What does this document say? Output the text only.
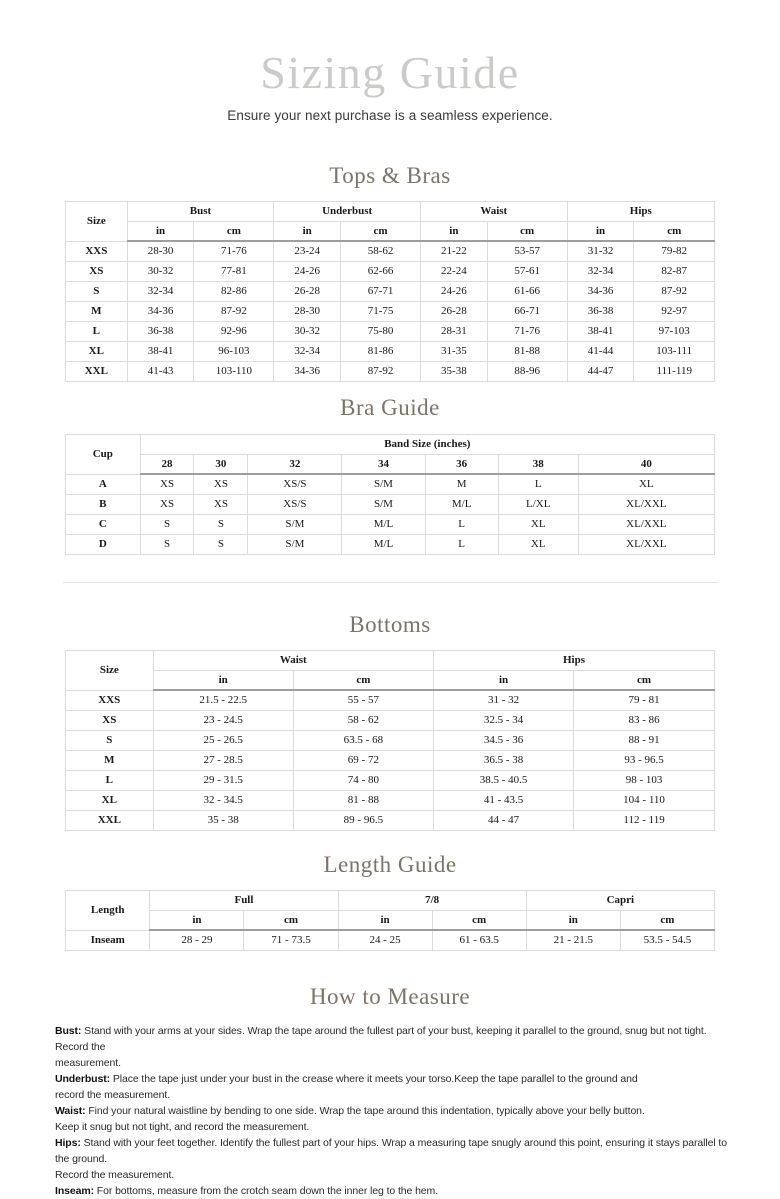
Sizing Guide

Ensure your next purchase is a seamless experience.

Tops & Bras
Size	Bust		Underbust		Waist		Hips	
	in	cm	in	cm	in	cm	in	cm
XXS	28-30	71-76	23-24	58-62	21-22	53-57	31-32	79-82
XS	30-32	77-81	24-26	62-66	22-24	57-61	32-34	82-87
S	32-34	82-86	26-28	67-71	24-26	61-66	34-36	87-92
M	34-36	87-92	28-30	71-75	26-28	66-71	36-38	92-97
L	36-38	92-96	30-32	75-80	28-31	71-76	38-41	97-103
XL	38-41	96-103	32-34	81-86	31-35	81-88	41-44	103-111
XXL	41-43	103-110	34-36	87-92	35-38	88-96	44-47	111-119
Bra Guide
Cup	Band Size (inches)						
	28	30	32	34	36	38	40
A	XS	XS	XS/S	S/M	M	L	XL
B	XS	XS	XS/S	S/M	M/L	L/XL	XL/XXL
C	S	S	S/M	M/L	L	XL	XL/XXL
D	S	S	S/M	M/L	L	XL	XL/XXL
Bottoms
Size	Waist		Hips	
	in	cm	in	cm
XXS	21.5 - 22.5	55 - 57	31 - 32	79 - 81
XS	23 - 24.5	58 - 62	32.5 - 34	83 - 86
S	25 - 26.5	63.5 - 68	34.5 - 36	88 - 91
M	27 - 28.5	69 - 72	36.5 - 38	93 - 96.5
L	29 - 31.5	74 - 80	38.5 - 40.5	98 - 103
XL	32 - 34.5	81 - 88	41 - 43.5	104 - 110
XXL	35 - 38	89 - 96.5	44 - 47	112 - 119
Length Guide
Length	Full		7/8		Capri	
	in	cm	in	cm	in	cm
Inseam	28 - 29	71 - 73.5	24 - 25	61 - 63.5	21 - 21.5	53.5 - 54.5
How to Measure

Bust: Stand with your arms at your sides. Wrap the tape around the fullest part of your bust, keeping it parallel to the ground, snug but not tight. Record the
measurement.

Underbust: Place the tape just under your bust in the crease where it meets your torso.Keep the tape parallel to the ground and
record the measurement.

Waist: Find your natural waistline by bending to one side. Wrap the tape around this indentation, typically above your belly button.
Keep it snug but not tight, and record the measurement.

Hips: Stand with your feet together. Identify the fullest part of your hips. Wrap a measuring tape snugly around this point, ensuring it stays parallel to the ground.
Record the measurement.

Inseam: For bottoms, measure from the crotch seam down the inner leg to the hem.
